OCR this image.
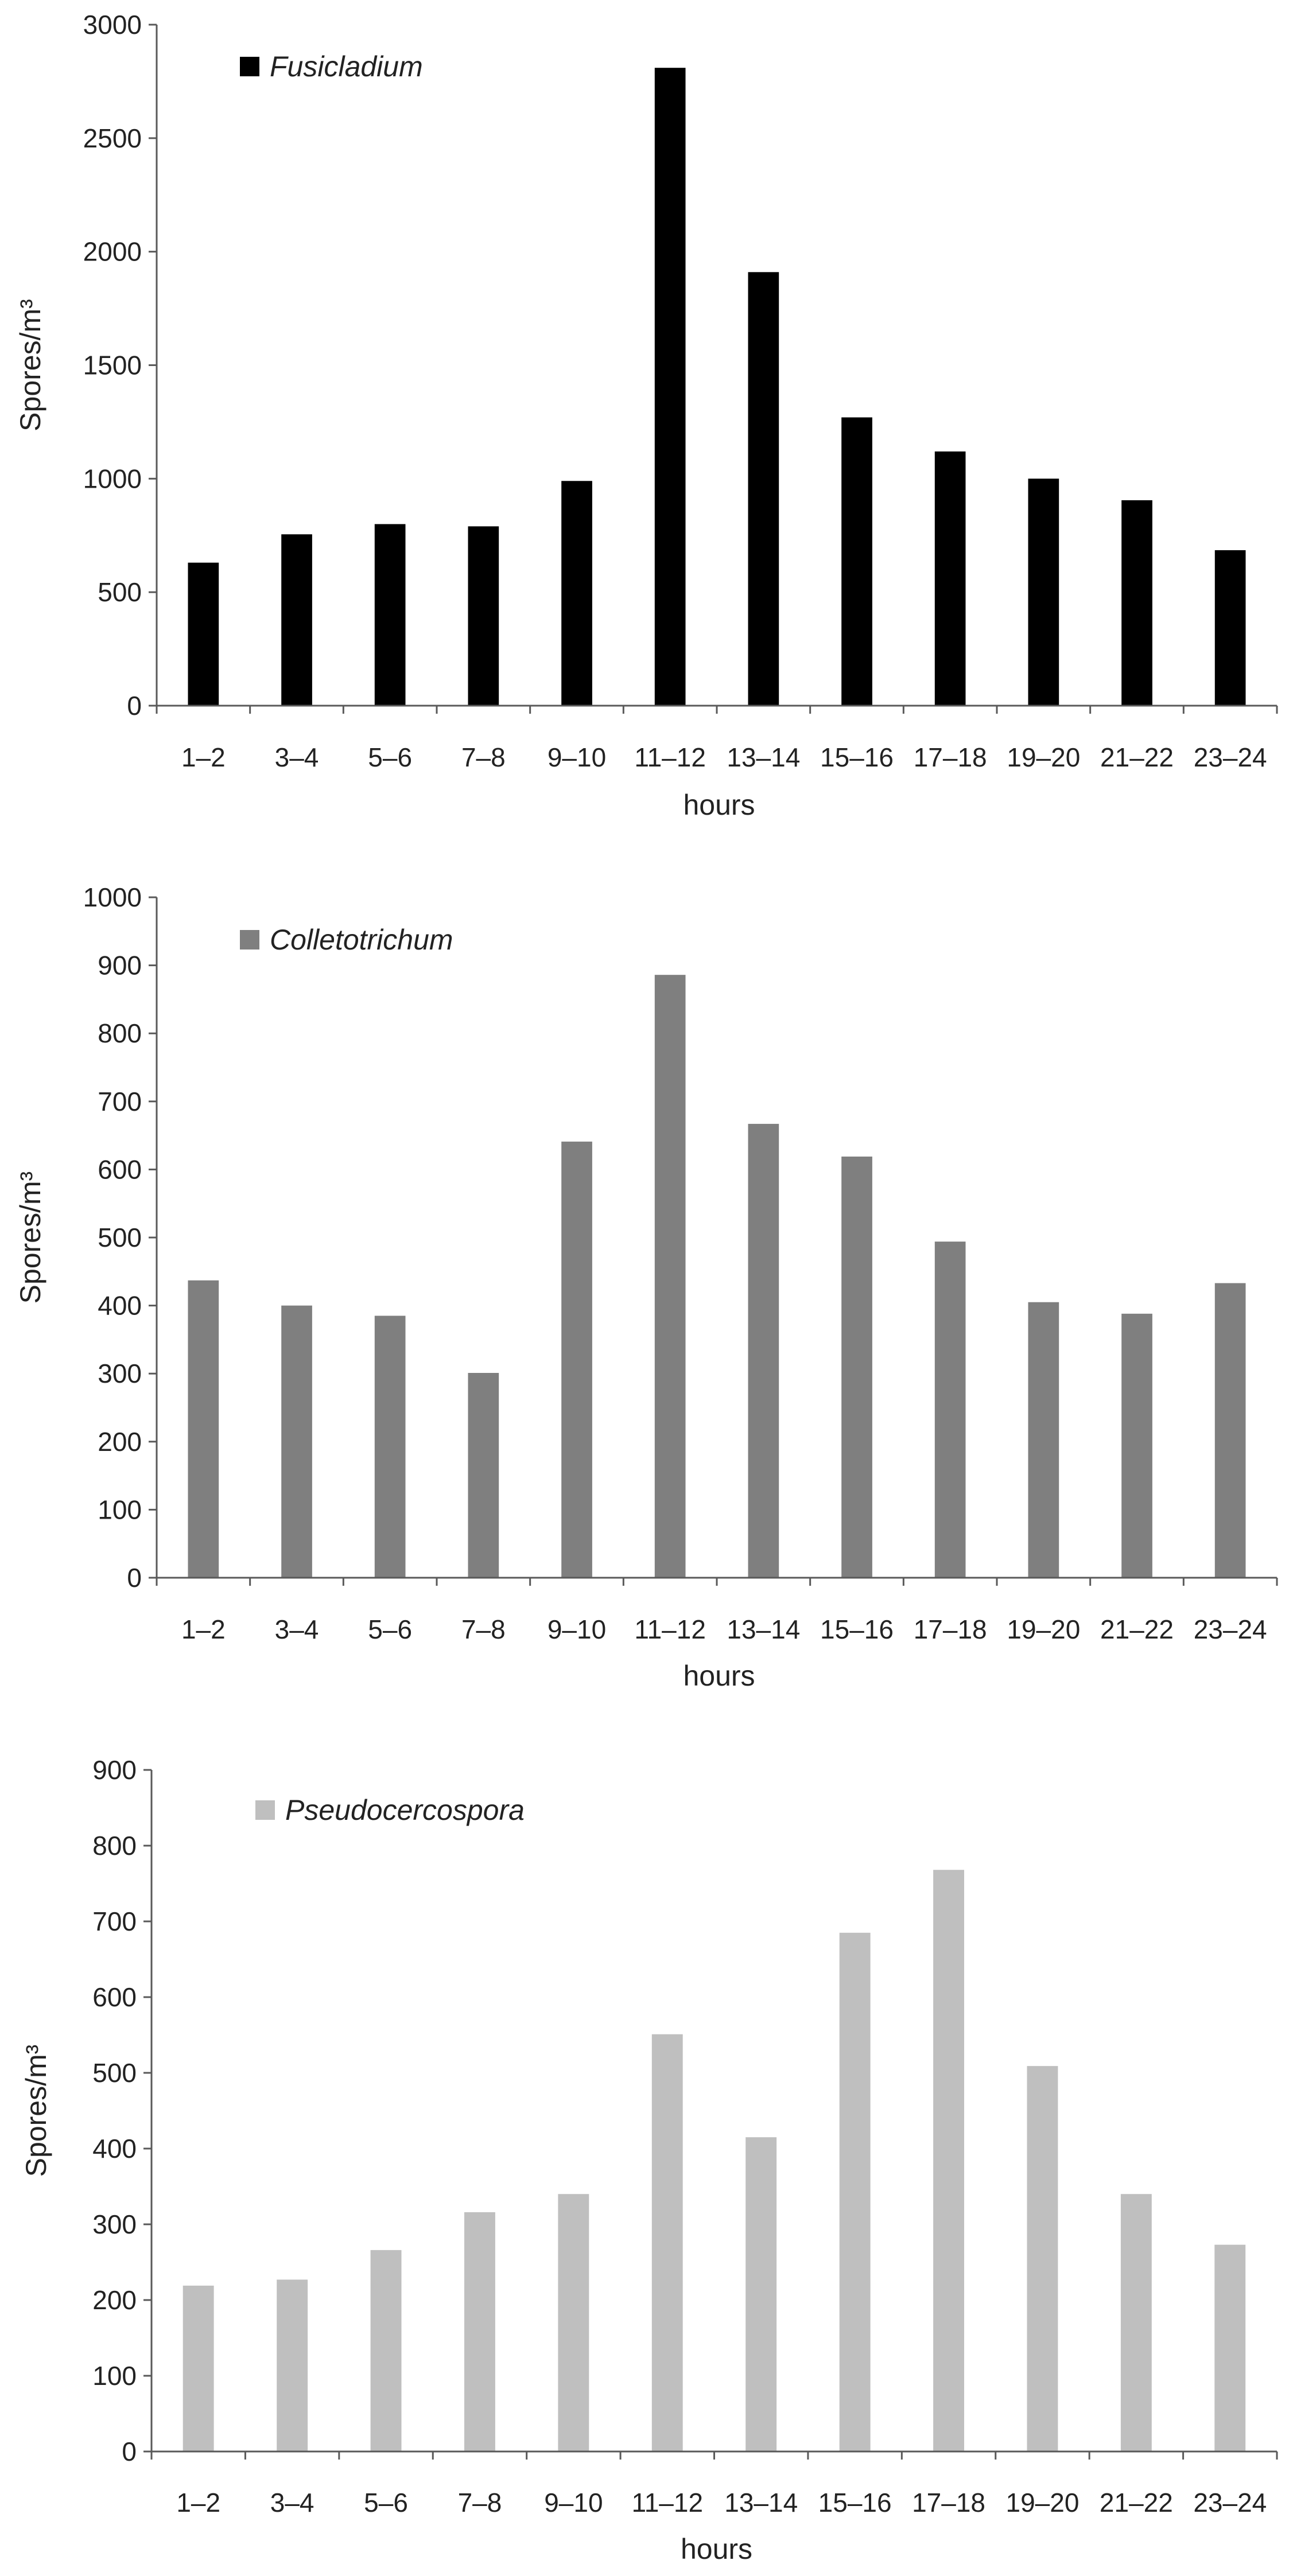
0
500
1000
1500
2000
2500
3000
1–2 3–4 5–6 7–8 9–10 11–12 13–14 15–16 17–18 19–20 21–22 23–24
hours
Spores/m³
Fusicladium
0
100
200
300
400
500
600
700
800
900
1000
1–2 3–4 5–6 7–8 9–10 11–12 13–14 15–16 17–18 19–20 21–22 23–24
hours
Spores/m³
Colletotrichum
0
100
200
300
400
500
600
700
800
900
1–2 3–4 5–6 7–8 9–10 11–12 13–14 15–16 17–18 19–20 21–22 23–24
hours
Spores/m³
Pseudocercospora
